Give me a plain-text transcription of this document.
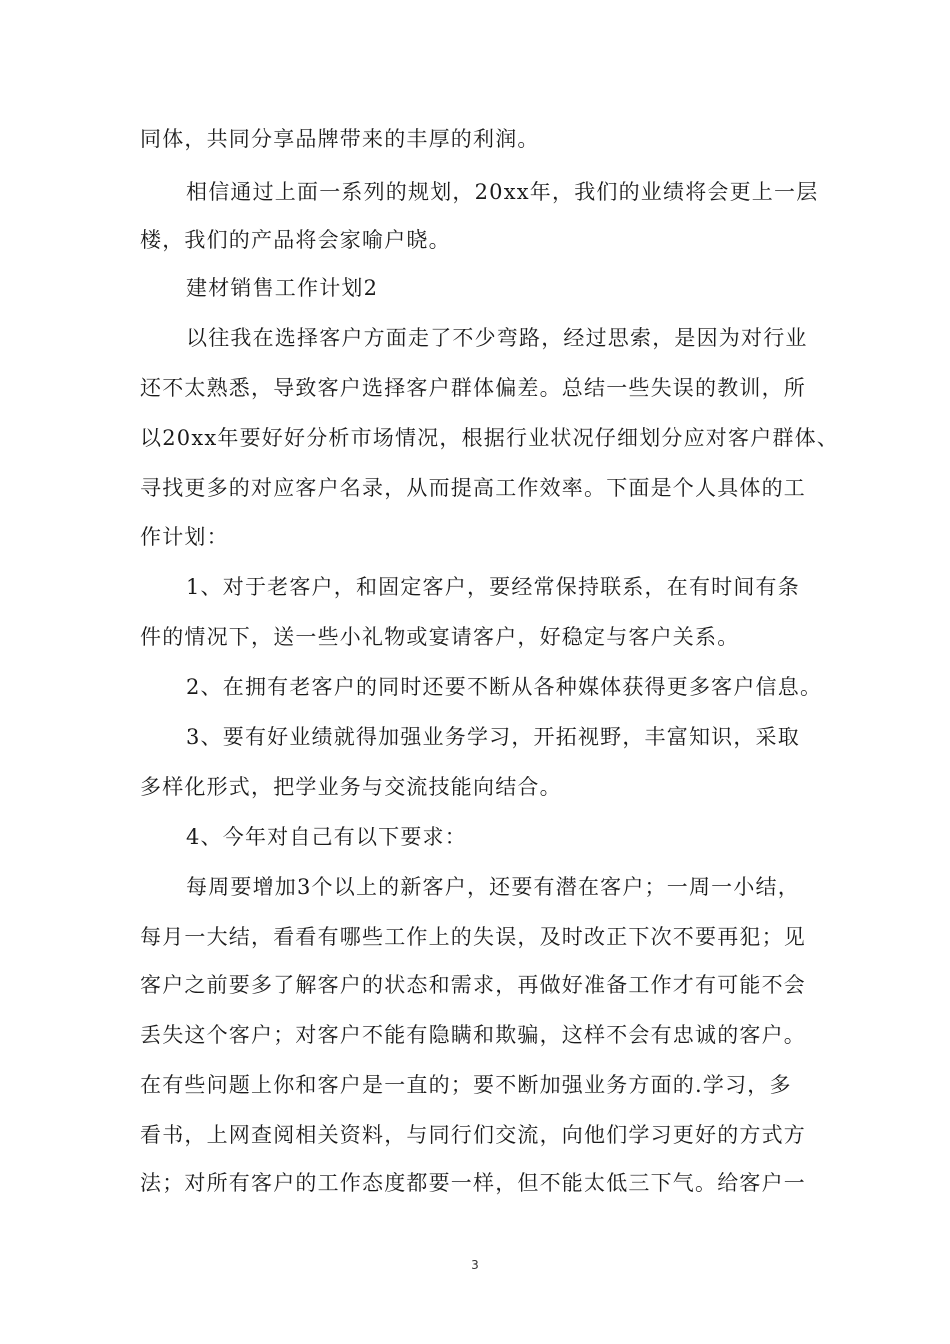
同体，共同分享品牌带来的丰厚的利润。
相信通过上面一系列的规划，20xx年，我们的业绩将会更上一层
楼，我们的产品将会家喻户晓。
建材销售工作计划2
以往我在选择客户方面走了不少弯路，经过思索，是因为对行业
还不太熟悉，导致客户选择客户群体偏差。总结一些失误的教训，所
以20xx年要好好分析市场情况，根据行业状况仔细划分应对客户群体、
寻找更多的对应客户名录，从而提高工作效率。下面是个人具体的工
作计划：
1、对于老客户，和固定客户，要经常保持联系，在有时间有条
件的情况下，送一些小礼物或宴请客户，好稳定与客户关系。
2、在拥有老客户的同时还要不断从各种媒体获得更多客户信息。
3、要有好业绩就得加强业务学习，开拓视野，丰富知识，采取
多样化形式，把学业务与交流技能向结合。
4、今年对自己有以下要求：
每周要增加3个以上的新客户，还要有潜在客户；一周一小结，
每月一大结，看看有哪些工作上的失误，及时改正下次不要再犯；见
客户之前要多了解客户的状态和需求，再做好准备工作才有可能不会
丢失这个客户；对客户不能有隐瞒和欺骗，这样不会有忠诚的客户。
在有些问题上你和客户是一直的；要不断加强业务方面的.学习，多
看书，上网查阅相关资料，与同行们交流，向他们学习更好的方式方
法；对所有客户的工作态度都要一样，但不能太低三下气。给客户一
3
